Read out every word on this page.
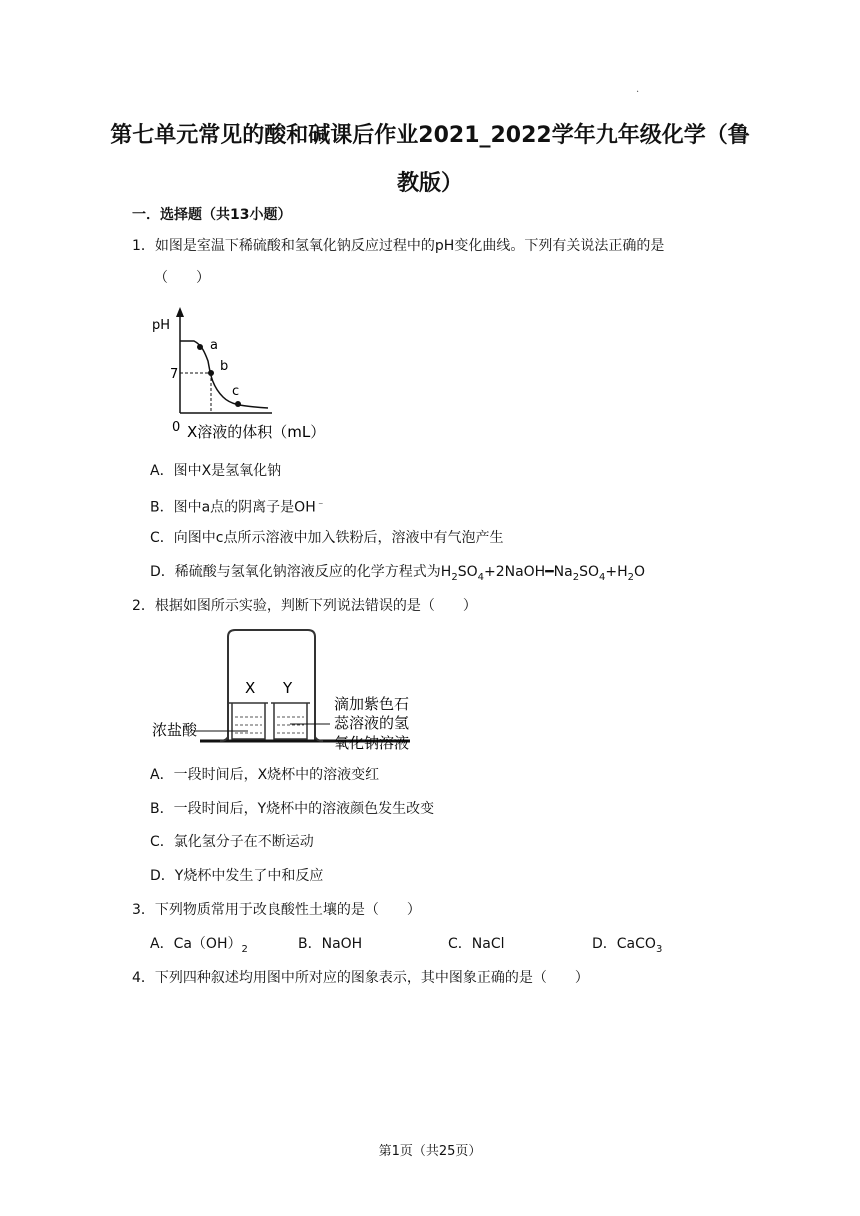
.
第七单元常见的酸和碱课后作业2021_2022学年九年级化学（鲁教版）
一．选择题（共13小题）
1．如图是室温下稀硫酸和氢氧化钠反应过程中的pH变化曲线。下列有关说法正确的是
（　　）
a
b
c
pH
7
0 X溶液的体积（mL）
A．图中X是氢氧化钠
B．图中a点的阴离子是OH﹣
C．向图中c点所示溶液中加入铁粉后，溶液中有气泡产生
D．稀硫酸与氢氧化钠溶液反应的化学方程式为$H_2SO_4+2NaOH━Na_2SO_4+H_2O$
2．根据如图所示实验，判断下列说法错误的是（　　）
X Y
浓盐酸
滴加紫色石
蕊溶液的氢
氧化钠溶液
A．一段时间后，X烧杯中的溶液变红
B．一段时间后，Y烧杯中的溶液颜色发生改变
C．氯化氢分子在不断运动
D．Y烧杯中发生了中和反应
3．下列物质常用于改良酸性土壤的是（　　）
A．$Ca(OH)_2$	B．NaOH	C．NaCl	D．CaCO$_3$
4．下列四种叙述均用图中所对应的图象表示，其中图象正确的是（　　）
第1页（共25页）
